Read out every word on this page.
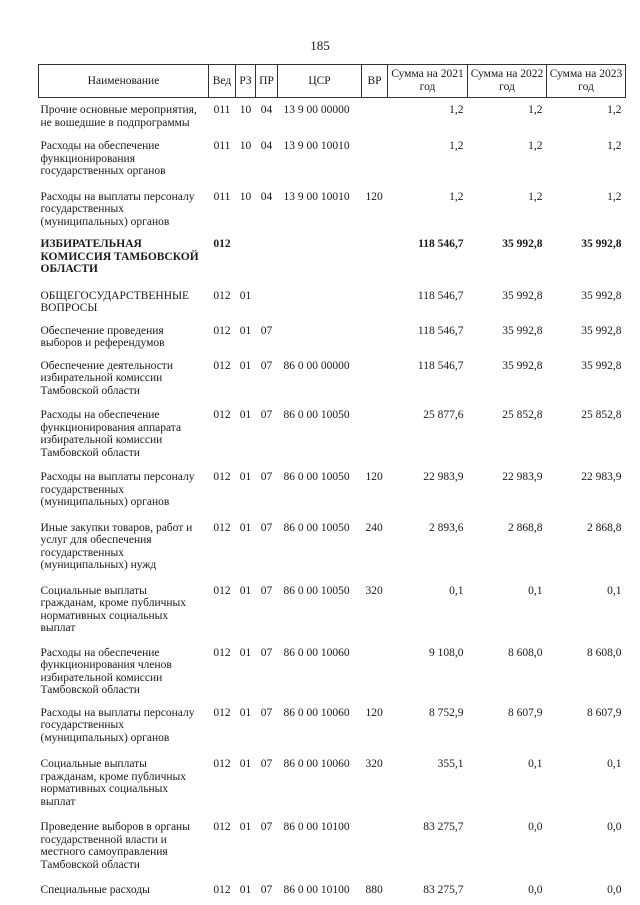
185
Наименование	Вед	РЗ	ПР	ЦСР	ВР	Сумма на 2021 год	Сумма на 2022 год	Сумма на 2023 год
Прочие основные мероприятия, не вошедшие в подпрограммы	011	10	04	13 9 00 00000		1,2	1,2	1,2
Расходы на обеспечение функционирования государственных органов	011	10	04	13 9 00 10010		1,2	1,2	1,2
Расходы на выплаты персоналу государственных (муниципальных) органов	011	10	04	13 9 00 10010	120	1,2	1,2	1,2
ИЗБИРАТЕЛЬНАЯ КОМИССИЯ ТАМБОВСКОЙ ОБЛАСТИ	012					118 546,7	35 992,8	35 992,8
ОБЩЕГОСУДАРСТВЕННЫЕ ВОПРОСЫ	012	01				118 546,7	35 992,8	35 992,8
Обеспечение проведения выборов и референдумов	012	01	07			118 546,7	35 992,8	35 992,8
Обеспечение деятельности избирательной комиссии Тамбовской области	012	01	07	86 0 00 00000		118 546,7	35 992,8	35 992,8
Расходы на обеспечение функционирования аппарата избирательной комиссии Тамбовской области	012	01	07	86 0 00 10050		25 877,6	25 852,8	25 852,8
Расходы на выплаты персоналу государственных (муниципальных) органов	012	01	07	86 0 00 10050	120	22 983,9	22 983,9	22 983,9
Иные закупки товаров, работ и услуг для обеспечения государственных (муниципальных) нужд	012	01	07	86 0 00 10050	240	2 893,6	2 868,8	2 868,8
Социальные выплаты гражданам, кроме публичных нормативных социальных выплат	012	01	07	86 0 00 10050	320	0,1	0,1	0,1
Расходы на обеспечение функционирования членов избирательной комиссии Тамбовской области	012	01	07	86 0 00 10060		9 108,0	8 608,0	8 608,0
Расходы на выплаты персоналу государственных (муниципальных) органов	012	01	07	86 0 00 10060	120	8 752,9	8 607,9	8 607,9
Социальные выплаты гражданам, кроме публичных нормативных социальных выплат	012	01	07	86 0 00 10060	320	355,1	0,1	0,1
Проведение выборов в органы государственной власти и местного самоуправления Тамбовской области	012	01	07	86 0 00 10100		83 275,7	0,0	0,0
Специальные расходы	012	01	07	86 0 00 10100	880	83 275,7	0,0	0,0
